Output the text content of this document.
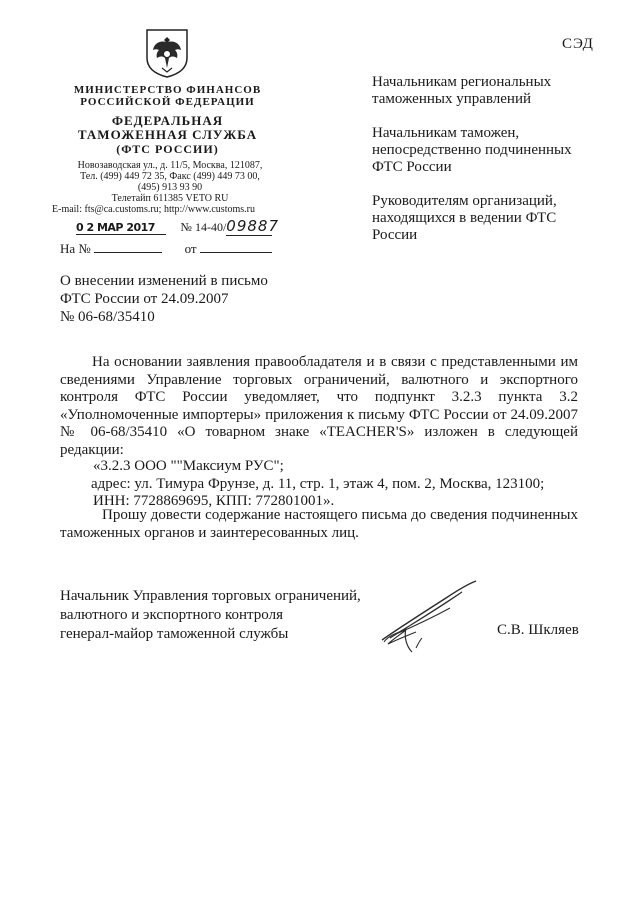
СЭД
МИНИСТЕРСТВО ФИНАНСОВ
РОССИЙСКОЙ ФЕДЕРАЦИИ
ФЕДЕРАЛЬНАЯ
ТАМОЖЕННАЯ СЛУЖБА
(ФТС РОССИИ)
Новозаводская ул., д. 11/5, Москва, 121087,
Тел. (499) 449 72 35, Факс (499) 449 73 00,
(495) 913 93 90
Телетайп 611385 VETO RU
E-mail: fts@ca.customs.ru; http://www.customs.ru
0 2 МАР 2017 № 14-40/09887
На №	от
Начальникам региональных таможенных управлений
Начальникам таможен, непосредственно подчиненных ФТС России
Руководителям организаций, находящихся в ведении ФТС России
О внесении изменений в письмо
ФТС России от 24.09.2007
№ 06-68/35410
На основании заявления правообладателя и в связи с представленными им сведениями Управление торговых ограничений, валютного и экспортного контроля ФТС России уведомляет, что подпункт 3.2.3 пункта 3.2 «Уполномоченные импортеры» приложения к письму ФТС России от 24.09.2007 № 06-68/35410 «О товарном знаке «TEACHER'S» изложен в следующей редакции:
«3.2.3 ООО ""Максиум РУС";
адрес: ул. Тимура Фрунзе, д. 11, стр. 1, этаж 4, пом. 2, Москва, 123100;
ИНН: 7728869695, КПП: 772801001».
Прошу довести содержание настоящего письма до сведения подчиненных таможенных органов и заинтересованных лиц.
Начальник Управления торговых ограничений,
валютного и экспортного контроля
генерал-майор таможенной службы	С.В. Шкляев
